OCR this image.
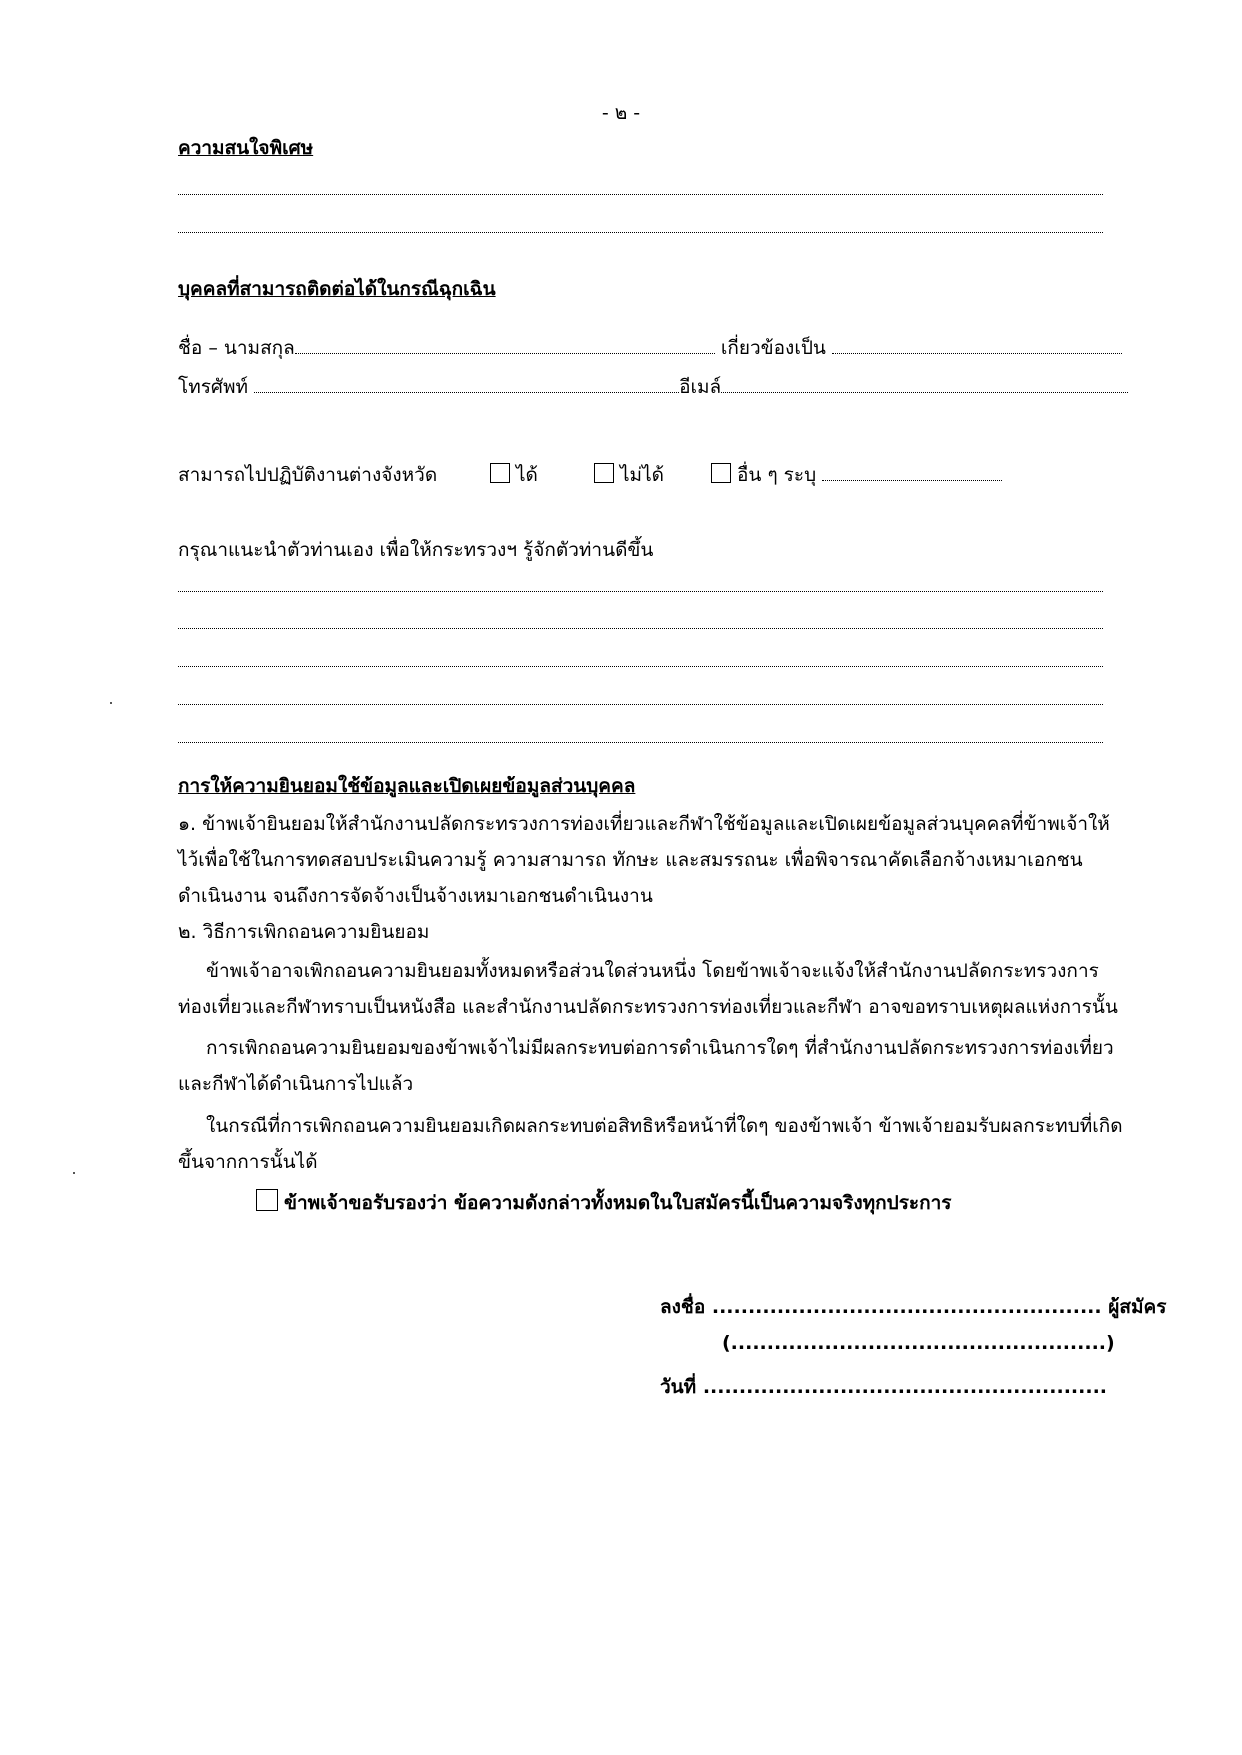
- ๒ -
ความสนใจพิเศษ
บุคคลที่สามารถติดต่อได้ในกรณีฉุกเฉิน
ชื่อ – นามสกุล	เกี่ยวข้องเป็น
โทรศัพท์	อีเมล์
สามารถไปปฏิบัติงานต่างจังหวัด	ได้	ไม่ได้	อื่น ๆ ระบุ
กรุณาแนะนำตัวท่านเอง เพื่อให้กระทรวงฯ รู้จักตัวท่านดีขึ้น
การให้ความยินยอมใช้ข้อมูลและเปิดเผยข้อมูลส่วนบุคคล
๑. ข้าพเจ้ายินยอมให้สำนักงานปลัดกระทรวงการท่องเที่ยวและกีฬาใช้ข้อมูลและเปิดเผยข้อมูลส่วนบุคคลที่ข้าพเจ้าให้ไว้เพื่อใช้ในการทดสอบประเมินความรู้ ความสามารถ ทักษะ และสมรรถนะ เพื่อพิจารณาคัดเลือกจ้างเหมาเอกชนดำเนินงาน จนถึงการจัดจ้างเป็นจ้างเหมาเอกชนดำเนินงาน
๒. วิธีการเพิกถอนความยินยอม
ข้าพเจ้าอาจเพิกถอนความยินยอมทั้งหมดหรือส่วนใดส่วนหนึ่ง โดยข้าพเจ้าจะแจ้งให้สำนักงานปลัดกระทรวงการท่องเที่ยวและกีฬาทราบเป็นหนังสือ และสำนักงานปลัดกระทรวงการท่องเที่ยวและกีฬา อาจขอทราบเหตุผลแห่งการนั้น
การเพิกถอนความยินยอมของข้าพเจ้าไม่มีผลกระทบต่อการดำเนินการใดๆ ที่สำนักงานปลัดกระทรวงการท่องเที่ยวและกีฬาได้ดำเนินการไปแล้ว
ในกรณีที่การเพิกถอนความยินยอมเกิดผลกระทบต่อสิทธิหรือหน้าที่ใดๆ ของข้าพเจ้า ข้าพเจ้ายอมรับผลกระทบที่เกิดขึ้นจากการนั้นได้
ข้าพเจ้าขอรับรองว่า ข้อความดังกล่าวทั้งหมดในใบสมัครนี้เป็นความจริงทุกประการ
ลงชื่อ ...................................................... ผู้สมัคร
(....................................................)
วันที่ ........................................................
